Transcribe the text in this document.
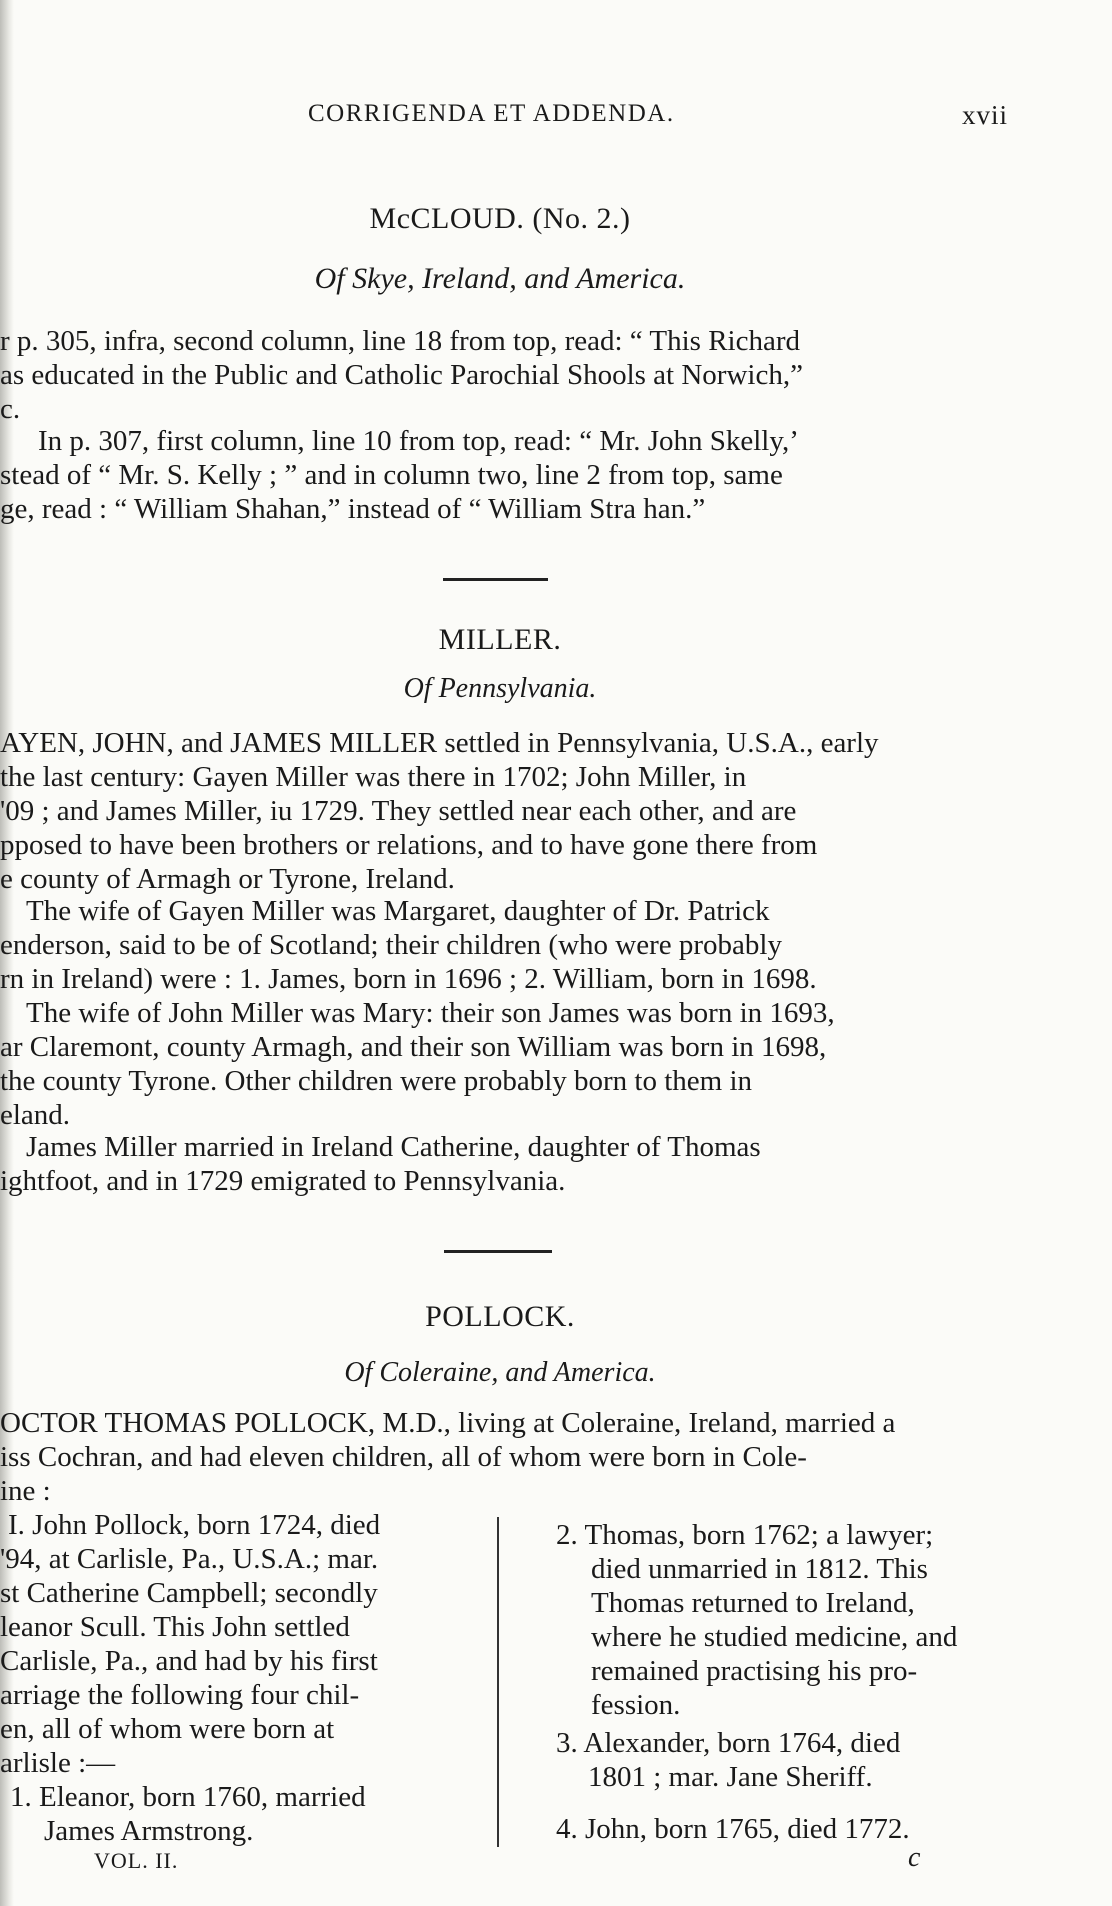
CORRIGENDA ET ADDENDA.	xvii
McCLOUD. (No. 2.)
Of Skye, Ireland, and America.
r p. 305, infra, second column, line 18 from top, read: “ This Richard
as educated in the Public and Catholic Parochial Shools at Norwich,”
c.
In p. 307, first column, line 10 from top, read: “ Mr. John Skelly,’
stead of “ Mr. S. Kelly ; ” and in column two, line 2 from top, same
ge, read : “ William Shahan,” instead of “ William Stra han.”
MILLER.
Of Pennsylvania.
AYEN, JOHN, and JAMES MILLER settled in Pennsylvania, U.S.A., early
the last century: Gayen Miller was there in 1702; John Miller, in
'09 ; and James Miller, iu 1729. They settled near each other, and are
pposed to have been brothers or relations, and to have gone there from
e county of Armagh or Tyrone, Ireland.
The wife of Gayen Miller was Margaret, daughter of Dr. Patrick
enderson, said to be of Scotland; their children (who were probably
rn in Ireland) were : 1. James, born in 1696 ; 2. William, born in 1698.
The wife of John Miller was Mary: their son James was born in 1693,
ar Claremont, county Armagh, and their son William was born in 1698,
the county Tyrone. Other children were probably born to them in
eland.
James Miller married in Ireland Catherine, daughter of Thomas
ightfoot, and in 1729 emigrated to Pennsylvania.
POLLOCK.
Of Coleraine, and America.
OCTOR THOMAS POLLOCK, M.D., living at Coleraine, Ireland, married a
iss Cochran, and had eleven children, all of whom were born in Cole-
ine :
I. John Pollock, born 1724, died
'94, at Carlisle, Pa., U.S.A.; mar.
st Catherine Campbell; secondly
leanor Scull. This John settled
Carlisle, Pa., and had by his first
arriage the following four chil-
en, all of whom were born at
arlisle :—
1. Eleanor, born 1760, married
James Armstrong.
2. Thomas, born 1762; a lawyer;
died unmarried in 1812. This
Thomas returned to Ireland,
where he studied medicine, and
remained practising his pro-
fession.
3. Alexander, born 1764, died
1801 ; mar. Jane Sheriff.
4. John, born 1765, died 1772.
VOL. II.	c
